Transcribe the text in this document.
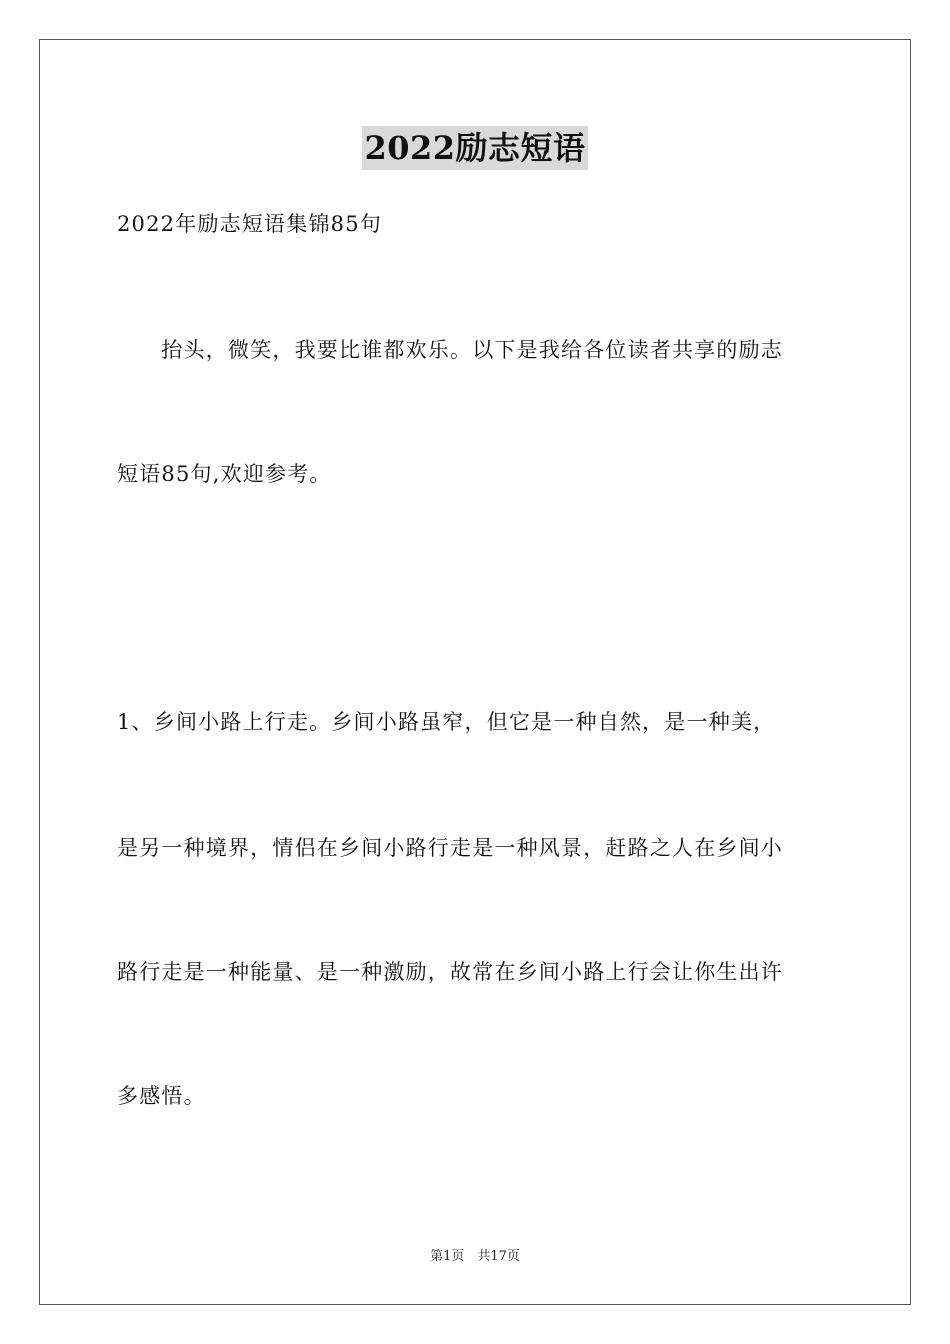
2022励志短语
2022年励志短语集锦85句
　　抬头，微笑，我要比谁都欢乐。以下是我给各位读者共享的励志
短语85句,欢迎参考。
1、乡间小路上行走。乡间小路虽窄，但它是一种自然，是一种美，
是另一种境界，情侣在乡间小路行走是一种风景，赶路之人在乡间小
路行走是一种能量、是一种激励，故常在乡间小路上行会让你生出许
多感悟。
第1页　共17页
